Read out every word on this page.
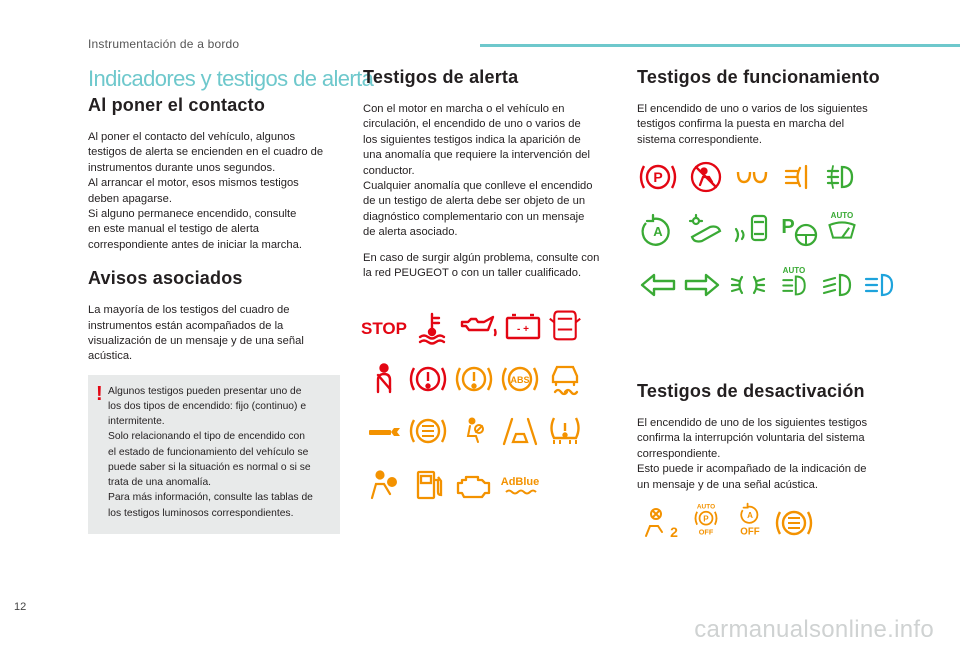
Instrumentación de a bordo
12
carmanualsonline.info
Indicadores y testigos de alerta
Al poner el contacto

Al poner el contacto del vehículo, algunos
testigos de alerta se encienden en el cuadro de
instrumentos durante unos segundos.
Al arrancar el motor, esos mismos testigos
deben apagarse.
Si alguno permanece encendido, consulte
en este manual el testigo de alerta
correspondiente antes de iniciar la marcha.

Avisos asociados

La mayoría de los testigos del cuadro de
instrumentos están acompañados de la
visualización de un mensaje y de una señal
acústica.

! Algunos testigos pueden presentar uno de
los dos tipos de encendido: fijo (continuo) e
intermitente.
Solo relacionando el tipo de encendido con
el estado de funcionamiento del vehículo se
puede saber si la situación es normal o si se
trata de una anomalía.
Para más información, consulte las tablas de
los testigos luminosos correspondientes.

Testigos de alerta

Con el motor en marcha o el vehículo en
circulación, el encendido de uno o varios de
los siguientes testigos indica la aparición de
una anomalía que requiere la intervención del
conductor.
Cualquier anomalía que conlleve el encendido
de un testigo de alerta debe ser objeto de un
diagnóstico complementario con un mensaje
de alerta asociado.

En caso de surgir algún problema, consulte con
la red PEUGEOT o con un taller cualificado.

Testigos de funcionamiento

El encendido de uno o varios de los siguientes
testigos confirma la puesta en marcha del
sistema correspondiente.

Testigos de desactivación

El encendido de uno de los siguientes testigos
confirma la interrupción voluntaria del sistema
correspondiente.
Esto puede ir acompañado de la indicación de
un mensaje y de una señal acústica.

STOP	- +
ABS
AdBlue
P
A	P
AUTO
AUTO
2
AUTO
P
OFF
A
OFF
